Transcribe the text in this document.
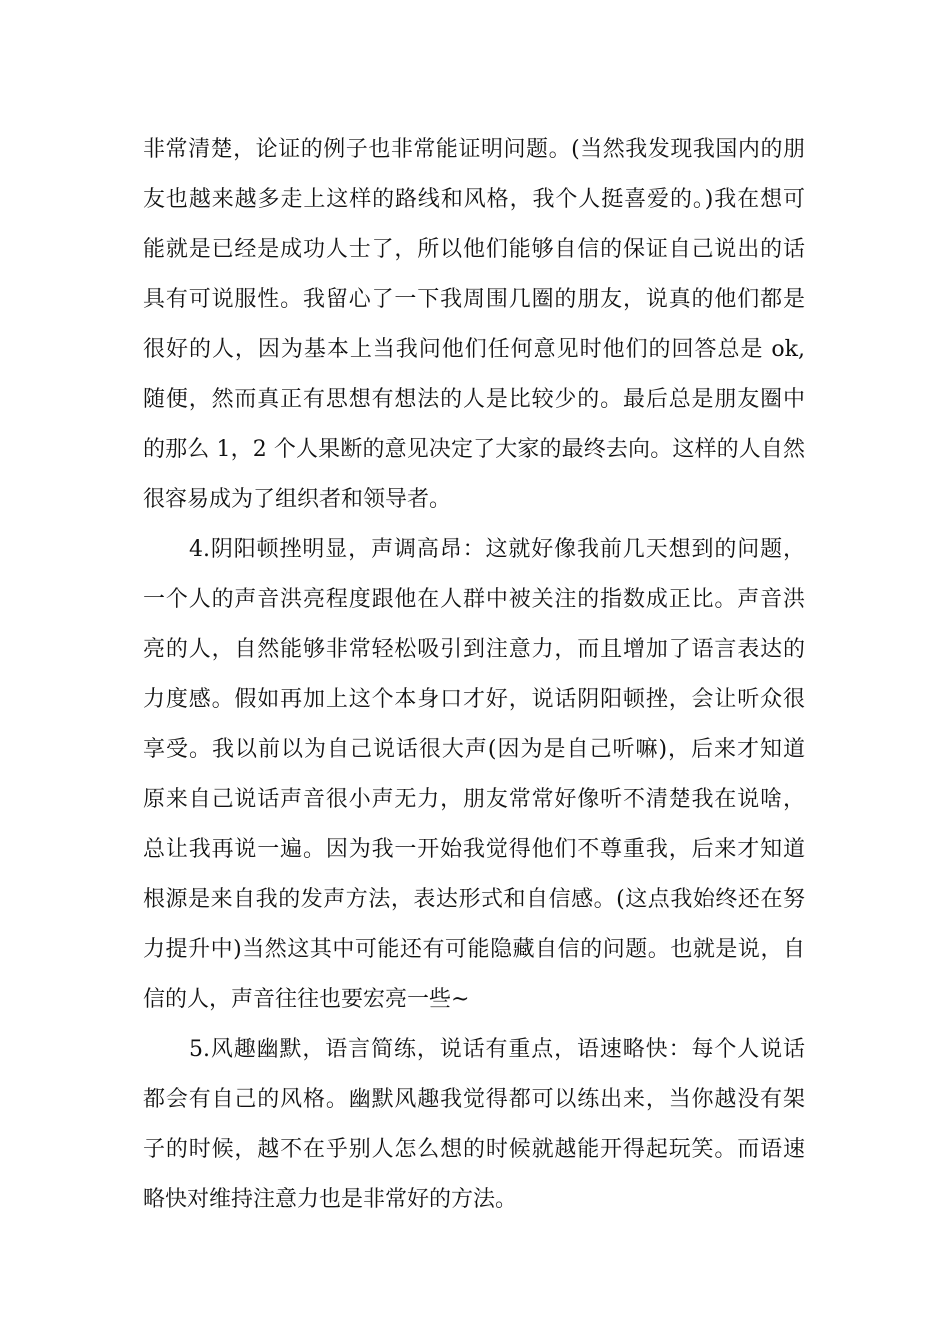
非常清楚，论证的例子也非常能证明问题。(当然我发现我国内的朋
友也越来越多走上这样的路线和风格，我个人挺喜爱的。)我在想可
能就是已经是成功人士了，所以他们能够自信的保证自己说出的话
具有可说服性。我留心了一下我周围几圈的朋友，说真的他们都是
很好的人，因为基本上当我问他们任何意见时他们的回答总是 ok,
随便，然而真正有思想有想法的人是比较少的。最后总是朋友圈中
的那么 1，2 个人果断的意见决定了大家的最终去向。这样的人自然
很容易成为了组织者和领导者。
4.阴阳顿挫明显，声调高昂：这就好像我前几天想到的问题，
一个人的声音洪亮程度跟他在人群中被关注的指数成正比。声音洪
亮的人，自然能够非常轻松吸引到注意力，而且增加了语言表达的
力度感。假如再加上这个本身口才好，说话阴阳顿挫，会让听众很
享受。我以前以为自己说话很大声(因为是自己听嘛)，后来才知道
原来自己说话声音很小声无力，朋友常常好像听不清楚我在说啥，
总让我再说一遍。因为我一开始我觉得他们不尊重我，后来才知道
根源是来自我的发声方法，表达形式和自信感。(这点我始终还在努
力提升中)当然这其中可能还有可能隐藏自信的问题。也就是说，自
信的人，声音往往也要宏亮一些~
5.风趣幽默，语言简练，说话有重点，语速略快：每个人说话
都会有自己的风格。幽默风趣我觉得都可以练出来，当你越没有架
子的时候，越不在乎别人怎么想的时候就越能开得起玩笑。而语速
略快对维持注意力也是非常好的方法。
